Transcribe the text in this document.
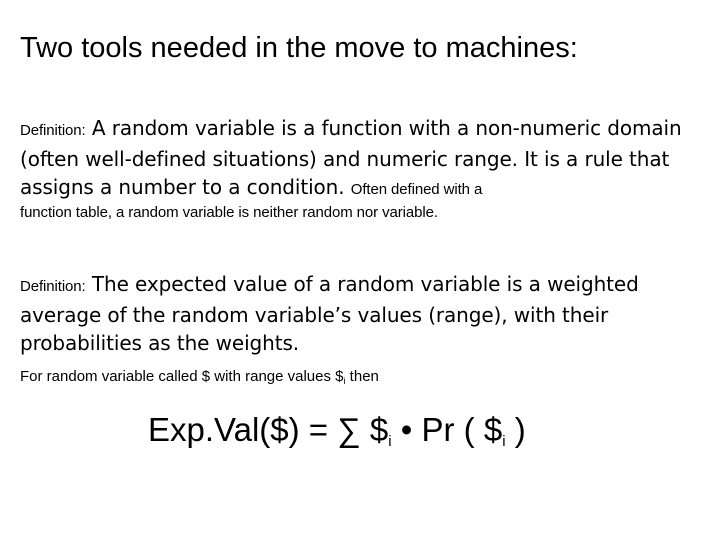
Two tools needed in the move to machines:
Definition: A random variable is a function with a non-numeric domain (often well-defined situations) and numeric range. It is a rule that assigns a number to a condition. Often defined with a
function table, a random variable is neither random nor variable.
Definition: The expected value of a random variable is a weighted average of the random variable’s values (range), with their probabilities as the weights.
For random variable called $ with range values $\$_i$ then
Exp.Val($) = ∑ $\$_i$ • Pr ( $\$_i$ )
